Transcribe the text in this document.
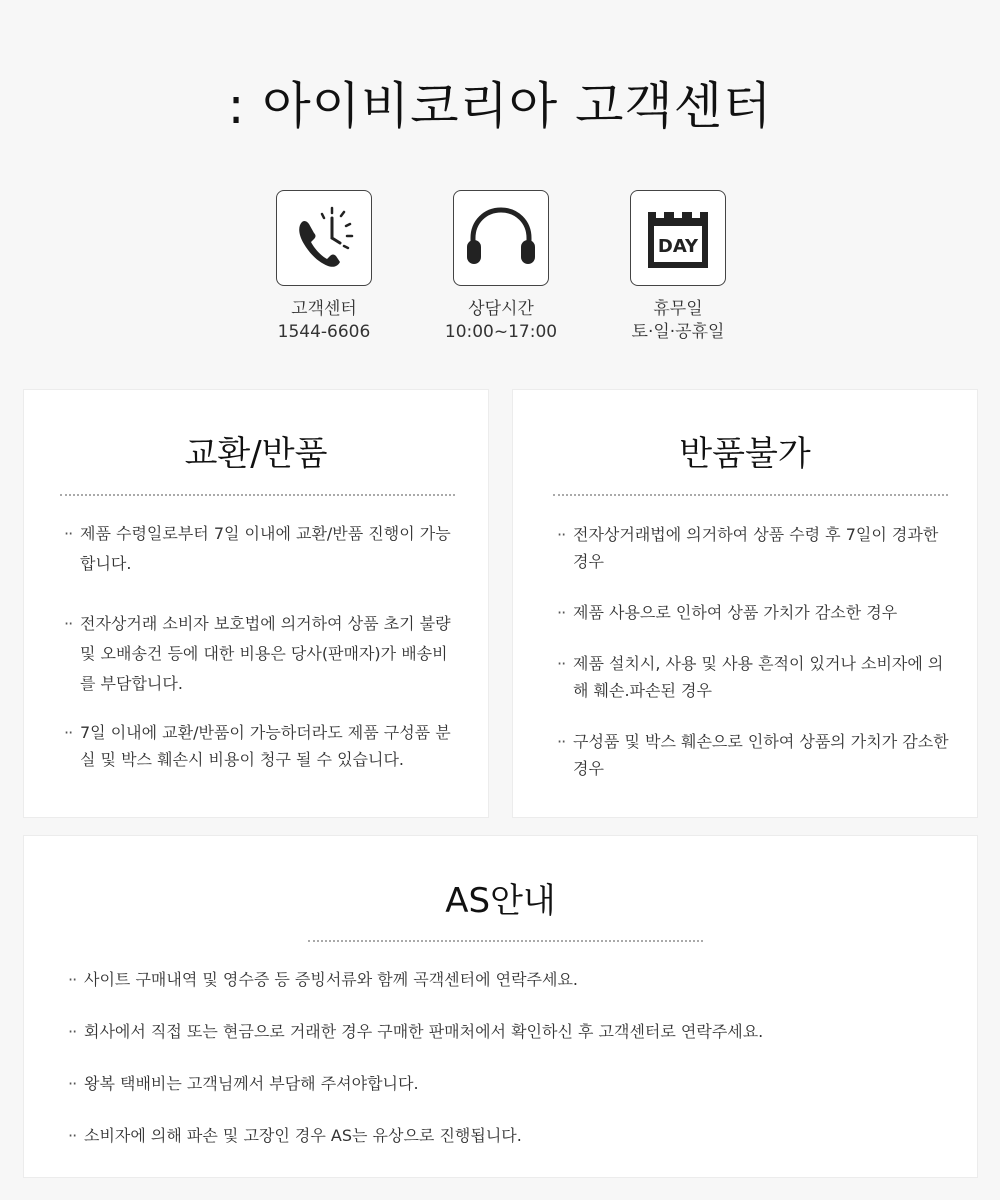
: 아이비코리아 고객센터
고객센터
1544-6606
상담시간
10:00~17:00
DAY
휴무일
토·일·공휴일
교환/반품
·· 제품 수령일로부터 7일 이내에 교환/반품 진행이 가능합니다.
·· 전자상거래 소비자 보호법에 의거하여 상품 초기 불량 및 오배송건 등에 대한 비용은 당사(판매자)가 배송비를 부담합니다.
·· 7일 이내에 교환/반품이 가능하더라도 제품 구성품 분실 및 박스 훼손시 비용이 청구 될 수 있습니다.
반품불가
·· 전자상거래법에 의거하여 상품 수령 후 7일이 경과한 경우
·· 제품 사용으로 인하여 상품 가치가 감소한 경우
·· 제품 설치시, 사용 및 사용 흔적이 있거나 소비자에 의해 훼손.파손된 경우
·· 구성품 및 박스 훼손으로 인하여 상품의 가치가 감소한 경우
AS안내
·· 사이트 구매내역 및 영수증 등 증빙서류와 함께 곡객센터에 연락주세요.
·· 회사에서 직접 또는 현금으로 거래한 경우 구매한 판매처에서 확인하신 후 고객센터로 연락주세요.
·· 왕복 택배비는 고객님께서 부담해 주셔야합니다.
·· 소비자에 의해 파손 및 고장인 경우 AS는 유상으로 진행됩니다.
